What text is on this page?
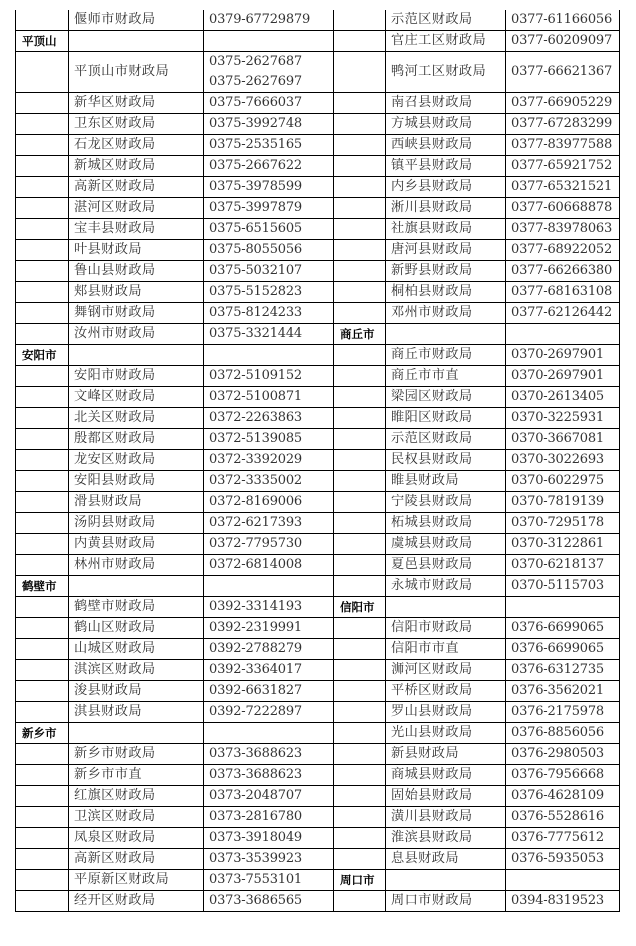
	偃师市财政局	0379-67729879

平顶山		
	平顶山市财政局	0375-2627687
0375-2627697

	新华区财政局	0375-7666037

	卫东区财政局	0375-3992748

	石龙区财政局	0375-2535165

	新城区财政局	0375-2667622

	高新区财政局	0375-3978599

	湛河区财政局	0375-3997879

	宝丰县财政局	0375-6515605

	叶县财政局	0375-8055056

	鲁山县财政局	0375-5032107

	郏县财政局	0375-5152823

	舞钢市财政局	0375-8124233

	汝州市财政局	0375-3321444

安阳市		
	安阳市财政局	0372-5109152

	文峰区财政局	0372-5100871

	北关区财政局	0372-2263863

	殷都区财政局	0372-5139085

	龙安区财政局	0372-3392029

	安阳县财政局	0372-3335002

	滑县财政局	0372-8169006

	汤阴县财政局	0372-6217393

	内黄县财政局	0372-7795730

	林州市财政局	0372-6814008

鹤壁市		
	鹤壁市财政局	0392-3314193

	鹤山区财政局	0392-2319991

	山城区财政局	0392-2788279

	淇滨区财政局	0392-3364017

	浚县财政局	0392-6631827

	淇县财政局	0392-7222897

新乡市		
	新乡市财政局	0373-3688623

	新乡市市直	0373-3688623

	红旗区财政局	0373-2048707

	卫滨区财政局	0373-2816780

	凤泉区财政局	0373-3918049

	高新区财政局	0373-3539923

	平原新区财政局	0373-7553101

	经开区财政局	0373-3686565
	示范区财政局	0377-61166056

	官庄工区财政局	0377-60209097

	鸭河工区财政局	0377-66621367

	南召县财政局	0377-66905229

	方城县财政局	0377-67283299

	西峡县财政局	0377-83977588

	镇平县财政局	0377-65921752

	内乡县财政局	0377-65321521

	淅川县财政局	0377-60668878

	社旗县财政局	0377-83978063

	唐河县财政局	0377-68922052

	新野县财政局	0377-66266380

	桐柏县财政局	0377-68163108

	邓州市财政局	0377-62126442

商丘市		
	商丘市财政局	0370-2697901

	商丘市市直	0370-2697901

	梁园区财政局	0370-2613405

	睢阳区财政局	0370-3225931

	示范区财政局	0370-3667081

	民权县财政局	0370-3022693

	睢县财政局	0370-6022975

	宁陵县财政局	0370-7819139

	柘城县财政局	0370-7295178

	虞城县财政局	0370-3122861

	夏邑县财政局	0370-6218137

	永城市财政局	0370-5115703

信阳市		
	信阳市财政局	0376-6699065

	信阳市市直	0376-6699065

	浉河区财政局	0376-6312735

	平桥区财政局	0376-3562021

	罗山县财政局	0376-2175978

	光山县财政局	0376-8856056

	新县财政局	0376-2980503

	商城县财政局	0376-7956668

	固始县财政局	0376-4628109

	潢川县财政局	0376-5528616

	淮滨县财政局	0376-7775612

	息县财政局	0376-5935053

周口市		
	周口市财政局	0394-8319523
